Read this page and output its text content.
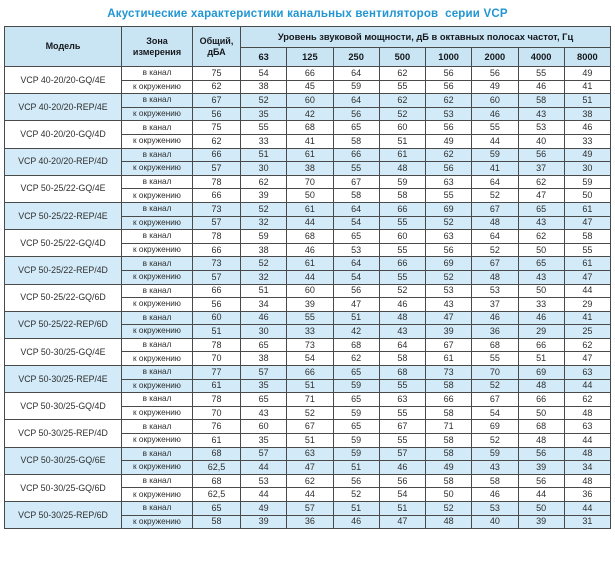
Акустические характеристики канальных вентиляторов  серии VCP
Модель	Зона измерения	Общий, дБА	Уровень звуковой мощности, дБ в октавных полосах частот, Гц							
			63	125	250	500	1000	2000	4000	8000
VCP 40-20/20-GQ/4E	в канал	75	54	66	64	62	56	56	55	49
	к окружению	62	38	45	59	55	56	49	46	41
VCP 40-20/20-REP/4E	в канал	67	52	60	64	62	62	60	58	51
	к окружению	56	35	42	56	52	53	46	43	38
VCP 40-20/20-GQ/4D	в канал	75	55	68	65	60	56	55	53	46
	к окружению	62	33	41	58	51	49	44	40	33
VCP 40-20/20-REP/4D	в канал	66	51	61	66	61	62	59	56	49
	к окружению	57	30	38	55	48	56	41	37	30
VCP 50-25/22-GQ/4E	в канал	78	62	70	67	59	63	64	62	59
	к окружению	66	39	50	58	58	55	52	47	50
VCP 50-25/22-REP/4E	в канал	73	52	61	64	66	69	67	65	61
	к окружению	57	32	44	54	55	52	48	43	47
VCP 50-25/22-GQ/4D	в канал	78	59	68	65	60	63	64	62	58
	к окружению	66	38	46	53	55	56	52	50	55
VCP 50-25/22-REP/4D	в канал	73	52	61	64	66	69	67	65	61
	к окружению	57	32	44	54	55	52	48	43	47
VCP 50-25/22-GQ/6D	в канал	66	51	60	56	52	53	53	50	44
	к окружению	56	34	39	47	46	43	37	33	29
VCP 50-25/22-REP/6D	в канал	60	46	55	51	48	47	46	46	41
	к окружению	51	30	33	42	43	39	36	29	25
VCP 50-30/25-GQ/4E	в канал	78	65	73	68	64	67	68	66	62
	к окружению	70	38	54	62	58	61	55	51	47
VCP 50-30/25-REP/4E	в канал	77	57	66	65	68	73	70	69	63
	к окружению	61	35	51	59	55	58	52	48	44
VCP 50-30/25-GQ/4D	в канал	78	65	71	65	63	66	67	66	62
	к окружению	70	43	52	59	55	58	54	50	48
VCP 50-30/25-REP/4D	в канал	76	60	67	65	67	71	69	68	63
	к окружению	61	35	51	59	55	58	52	48	44
VCP 50-30/25-GQ/6E	в канал	68	57	63	59	57	58	59	56	48
	к окружению	62,5	44	47	51	46	49	43	39	34
VCP 50-30/25-GQ/6D	в канал	68	53	62	56	56	58	58	56	48
	к окружению	62,5	44	44	52	54	50	46	44	36
VCP 50-30/25-REP/6D	в канал	65	49	57	51	51	52	53	50	44
	к окружению	58	39	36	46	47	48	40	39	31
